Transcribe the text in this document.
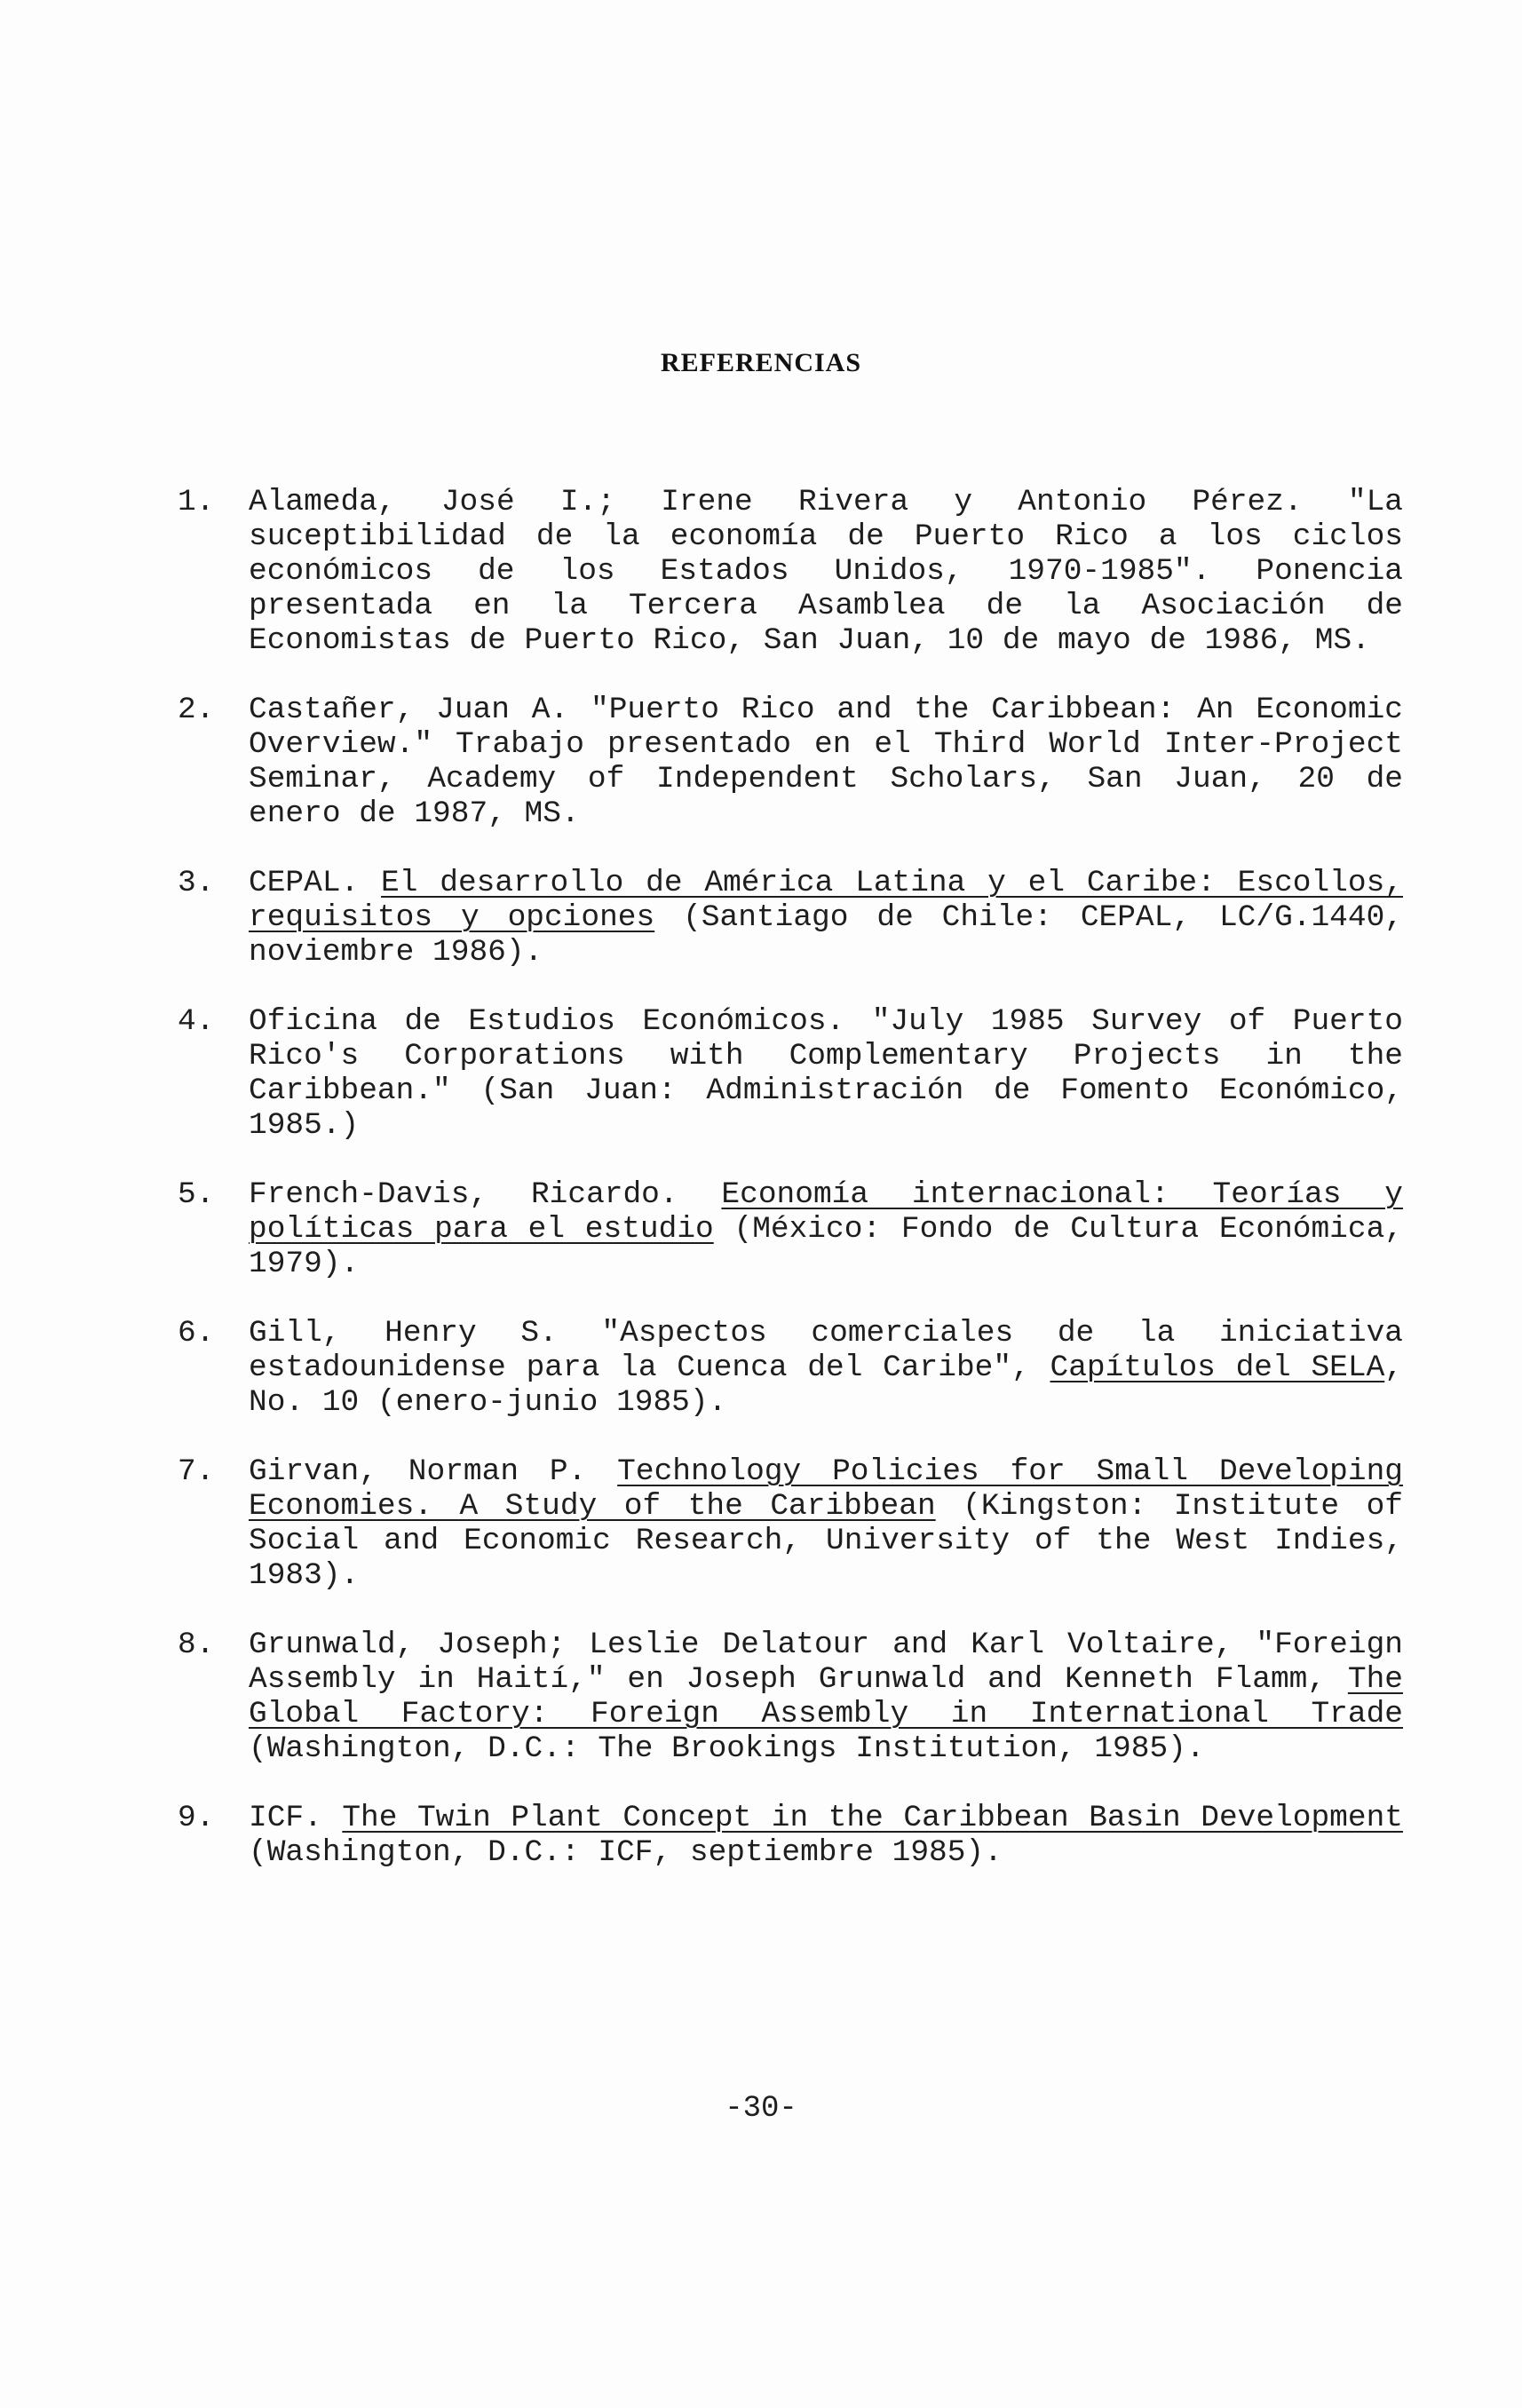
REFERENCIAS
1. Alameda, José I.; Irene Rivera y Antonio Pérez. "La suceptibilidad de la economía de Puerto Rico a los ciclos económicos de los Estados Unidos, 1970-1985". Ponencia presentada en la Tercera Asamblea de la Asociación de Economistas de Puerto Rico, San Juan, 10 de mayo de 1986, MS.
2. Castañer, Juan A. "Puerto Rico and the Caribbean: An Economic Overview." Trabajo presentado en el Third World Inter-Project Seminar, Academy of Independent Scholars, San Juan, 20 de enero de 1987, MS.
3. CEPAL. El desarrollo de América Latina y el Caribe: Escollos, requisitos y opciones (Santiago de Chile: CEPAL, LC/G.1440, noviembre 1986).
4. Oficina de Estudios Económicos. "July 1985 Survey of Puerto Rico's Corporations with Complementary Projects in the Caribbean." (San Juan: Administración de Fomento Económico, 1985.)
5. French-Davis, Ricardo. Economía internacional: Teorías y políticas para el estudio (México: Fondo de Cultura Económica, 1979).
6. Gill, Henry S. "Aspectos comerciales de la iniciativa estadounidense para la Cuenca del Caribe", Capítulos del SELA, No. 10 (enero-junio 1985).
7. Girvan, Norman P. Technology Policies for Small Developing Economies. A Study of the Caribbean (Kingston: Institute of Social and Economic Research, University of the West Indies, 1983).
8. Grunwald, Joseph; Leslie Delatour and Karl Voltaire, "Foreign Assembly in Haití," en Joseph Grunwald and Kenneth Flamm, The Global Factory: Foreign Assembly in International Trade (Washington, D.C.: The Brookings Institution, 1985).
9. ICF. The Twin Plant Concept in the Caribbean Basin Development (Washington, D.C.: ICF, septiembre 1985).
-30-
